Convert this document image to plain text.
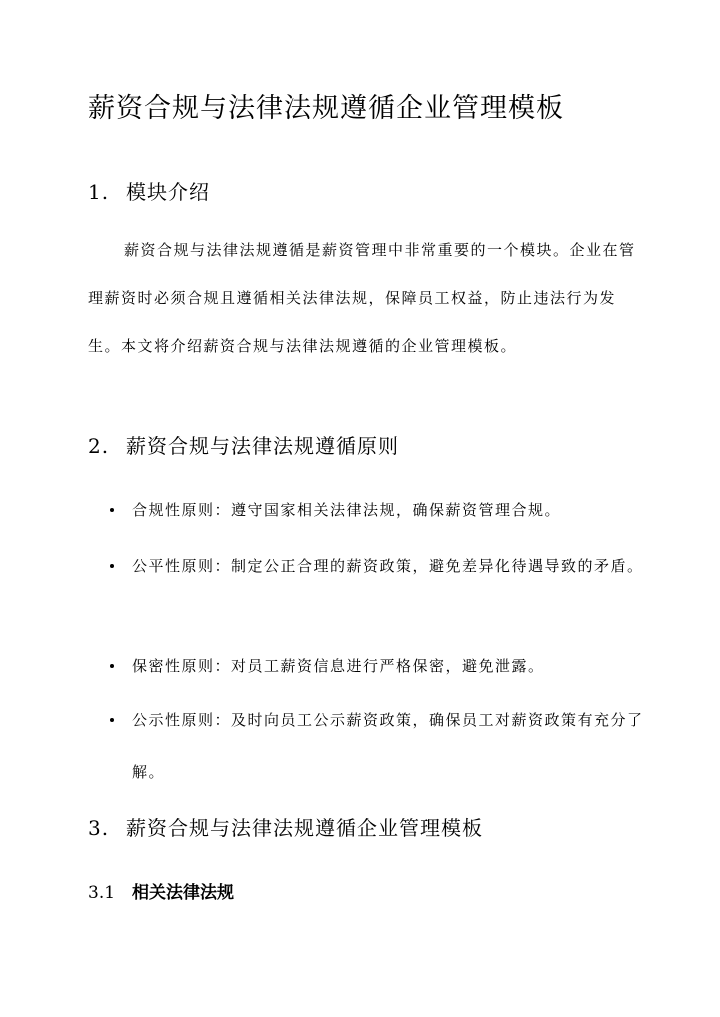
薪资合规与法律法规遵循企业管理模板
1. 模块介绍

薪资合规与法律法规遵循是薪资管理中非常重要的一个模块。企业在管理薪资时必须合规且遵循相关法律法规，保障员工权益，防止违法行为发生。本文将介绍薪资合规与法律法规遵循的企业管理模板。

2. 薪资合规与法律法规遵循原则
合规性原则：遵守国家相关法律法规，确保薪资管理合规。
公平性原则：制定公正合理的薪资政策，避免差异化待遇导致的矛盾。
保密性原则：对员工薪资信息进行严格保密，避免泄露。
公示性原则：及时向员工公示薪资政策，确保员工对薪资政策有充分了解。
3. 薪资合规与法律法规遵循企业管理模板
3.1 相关法律法规
